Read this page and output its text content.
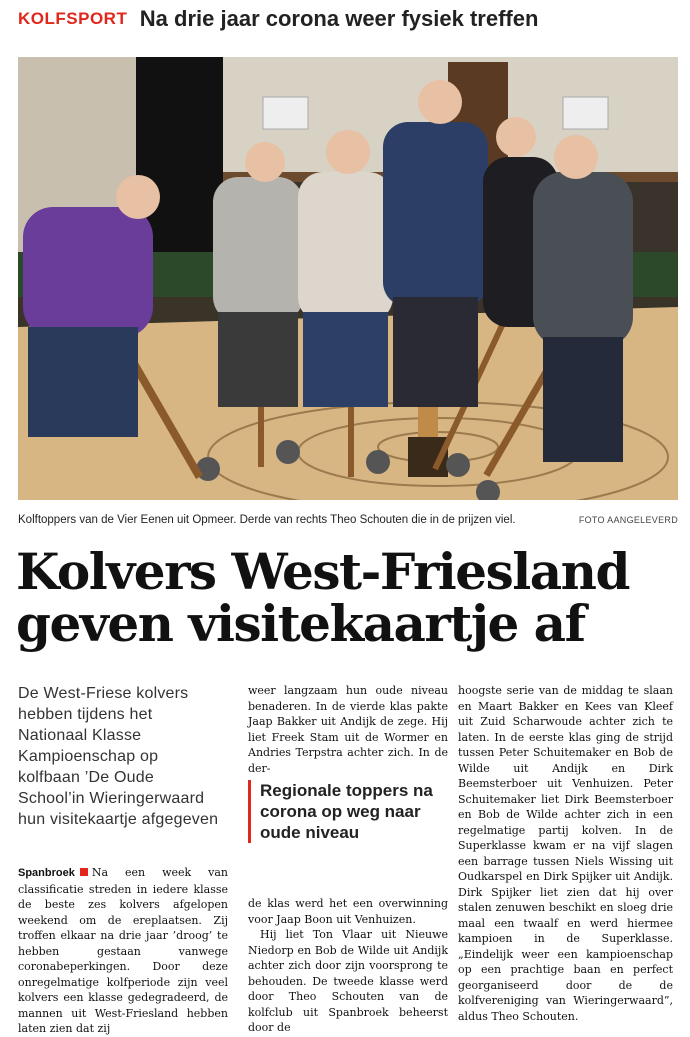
KOLFSPORT Na drie jaar corona weer fysiek treffen
Kolftoppers van de Vier Eenen uit Opmeer. Derde van rechts Theo Schouten die in de prijzen viel.	FOTO AANGELEVERD
Kolvers West-Friesland
geven visitekaartje af

De West-Friese kolvers hebben tijdens het Nationaal Klasse Kampioenschap op kolfbaan ’De Oude School’in Wieringerwaard hun visitekaartje afgegeven

Spanbroek Na een week van classificatie streden in iedere klasse de beste zes kolvers afgelopen weekend om de ereplaatsen. Zij troffen elkaar na drie jaar ’droog’ te hebben gestaan vanwege coronabeperkingen. Door deze onregelmatige kolfperiode zijn veel kolvers een klasse gedegradeerd, de mannen uit West-Friesland hebben laten zien dat zij

weer langzaam hun oude niveau benaderen. In de vierde klas pakte Jaap Bakker uit Andijk de zege. Hij liet Freek Stam uit de Wormer en Andries Terpstra achter zich. In de der-

Regionale toppers na corona op weg naar oude niveau

de klas werd het een overwinning voor Jaap Boon uit Venhuizen.

Hij liet Ton Vlaar uit Nieuwe Niedorp en Bob de Wilde uit Andijk achter zich door zijn voorsprong te behouden. De tweede klasse werd door Theo Schouten van de kolfclub uit Spanbroek beheerst door de

hoogste serie van de middag te slaan en Maart Bakker en Kees van Kleef uit Zuid Scharwoude achter zich te laten. In de eerste klas ging de strijd tussen Peter Schuitemaker en Bob de Wilde uit Andijk en Dirk Beemsterboer uit Venhuizen. Peter Schuitemaker liet Dirk Beemsterboer en Bob de Wilde achter zich in een regelmatige partij kolven. In de Superklasse kwam er na vijf slagen een barrage tussen Niels Wissing uit Oudkarspel en Dirk Spijker uit Andijk. Dirk Spijker liet zien dat hij over stalen zenuwen beschikt en sloeg drie maal een twaalf en werd hiermee kampioen in de Superklasse. „Eindelijk weer een kampioenschap op een prachtige baan en perfect georganiseerd door de de kolfvereniging van Wieringerwaard”, aldus Theo Schouten.
